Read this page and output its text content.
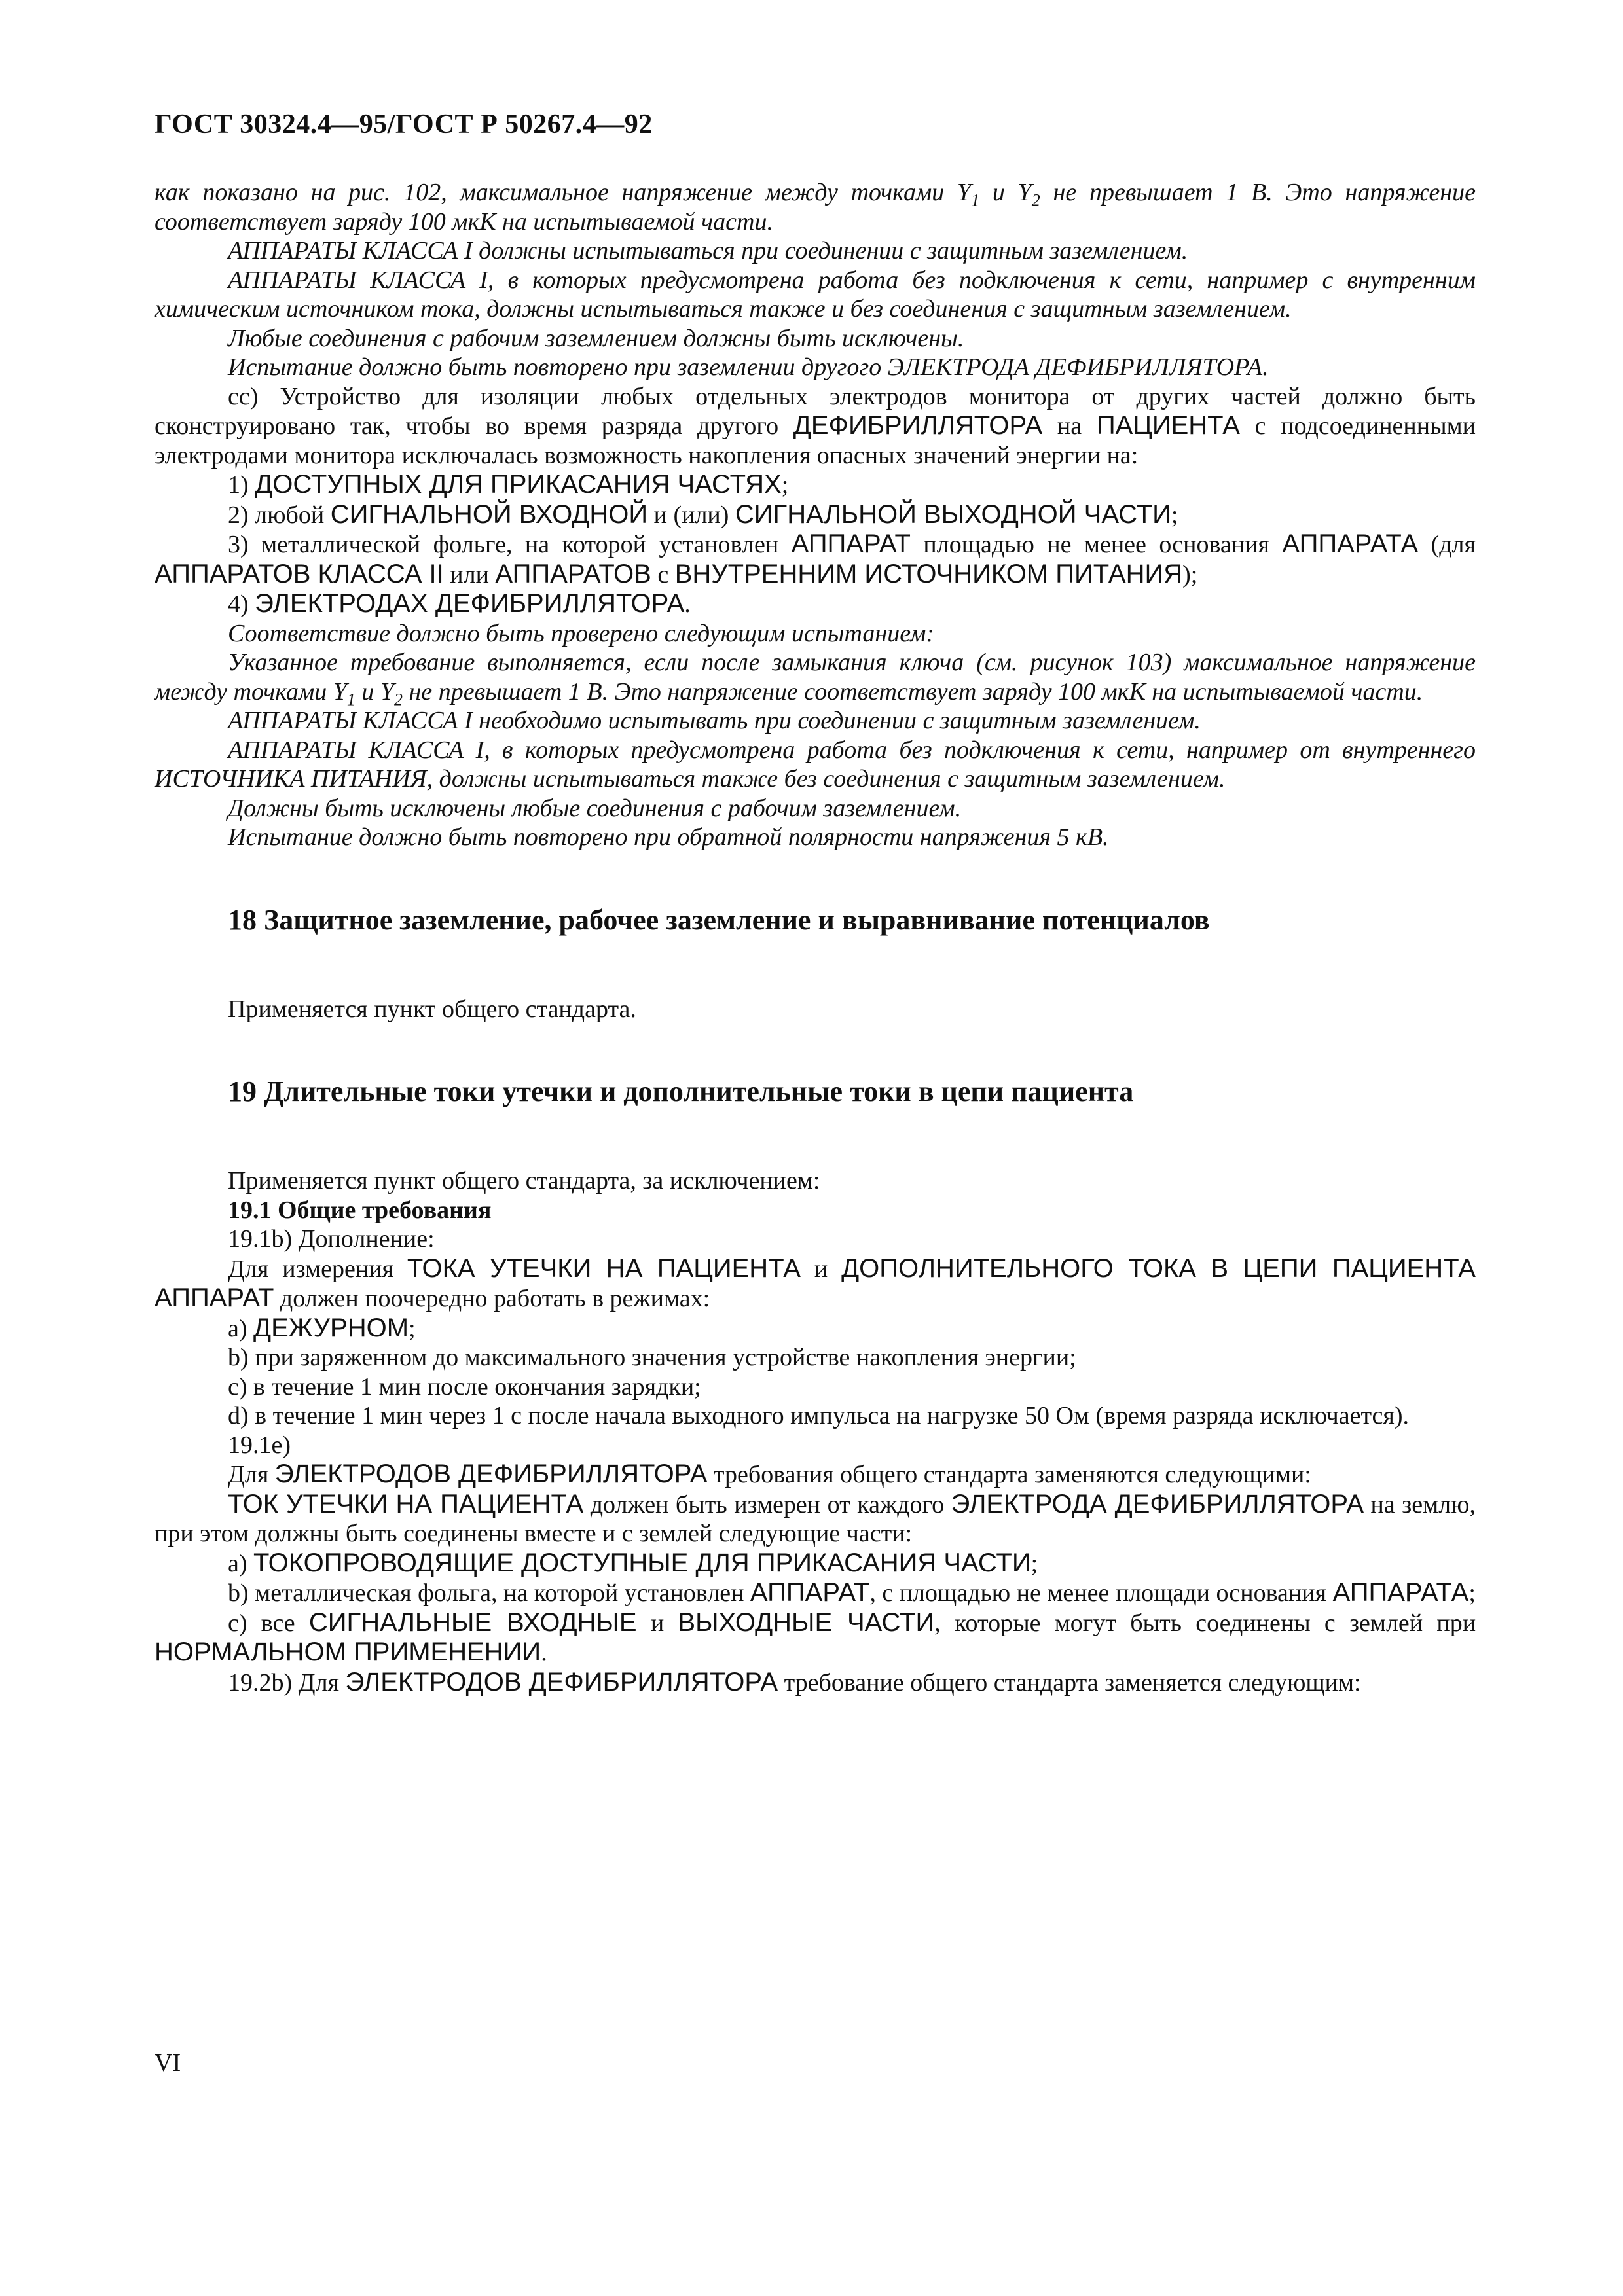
ГОСТ 30324.4—95/ГОСТ Р 50267.4—92

как показано на рис. 102, максимальное напряжение между точками $Y_1$ и $Y_2$ не превышает 1 В. Это напряжение соответствует заряду 100 мкК на испытываемой части.

АППАРАТЫ КЛАССА I должны испытываться при соединении с защитным заземлением.

АППАРАТЫ КЛАССА I, в которых предусмотрена работа без подключения к сети, например с внутренним химическим источником тока, должны испытываться также и без соединения с защитным заземлением.

Любые соединения с рабочим заземлением должны быть исключены.

Испытание должно быть повторено при заземлении другого ЭЛЕКТРОДА ДЕФИБРИЛЛЯТОРА.

сс) Устройство для изоляции любых отдельных электродов монитора от других частей должно быть сконструировано так, чтобы во время разряда другого ДЕФИБРИЛЛЯТОРА на ПАЦИЕНТА с подсоединенными электродами монитора исключалась возможность накопления опасных значений энергии на:

1) ДОСТУПНЫХ ДЛЯ ПРИКАСАНИЯ ЧАСТЯХ;

2) любой СИГНАЛЬНОЙ ВХОДНОЙ и (или) СИГНАЛЬНОЙ ВЫХОДНОЙ ЧАСТИ;

3) металлической фольге, на которой установлен АППАРАТ площадью не менее основания АППАРАТА (для АППАРАТОВ КЛАССА II или АППАРАТОВ с ВНУТРЕННИМ ИСТОЧНИКОМ ПИТАНИЯ);

4) ЭЛЕКТРОДАХ ДЕФИБРИЛЛЯТОРА.

Соответствие должно быть проверено следующим испытанием:

Указанное требование выполняется, если после замыкания ключа (см. рисунок 103) максимальное напряжение между точками $Y_1$ и $Y_2$ не превышает 1 В. Это напряжение соответствует заряду 100 мкК на испытываемой части.

АППАРАТЫ КЛАССА I необходимо испытывать при соединении с защитным заземлением.

АППАРАТЫ КЛАССА I, в которых предусмотрена работа без подключения к сети, например от внутреннего ИСТОЧНИКА ПИТАНИЯ, должны испытываться также без соединения с защитным заземлением.

Должны быть исключены любые соединения с рабочим заземлением.

Испытание должно быть повторено при обратной полярности напряжения 5 кВ.

18 Защитное заземление, рабочее заземление и выравнивание потенциалов

Применяется пункт общего стандарта.

19 Длительные токи утечки и дополнительные токи в цепи пациента

Применяется пункт общего стандарта, за исключением:

19.1 Общие требования

19.1b) Дополнение:

Для измерения ТОКА УТЕЧКИ НА ПАЦИЕНТА и ДОПОЛНИТЕЛЬНОГО ТОКА В ЦЕПИ ПАЦИЕНТА АППАРАТ должен поочередно работать в режимах:

а) ДЕЖУРНОМ;

b) при заряженном до максимального значения устройстве накопления энергии;

c) в течение 1 мин после окончания зарядки;

d) в течение 1 мин через 1 с после начала выходного импульса на нагрузке 50 Ом (время разряда исключается).

19.1е)

Для ЭЛЕКТРОДОВ ДЕФИБРИЛЛЯТОРА требования общего стандарта заменяются следующими:

ТОК УТЕЧКИ НА ПАЦИЕНТА должен быть измерен от каждого ЭЛЕКТРОДА ДЕФИБРИЛЛЯТОРА на землю, при этом должны быть соединены вместе и с землей следующие части:

а) ТОКОПРОВОДЯЩИЕ ДОСТУПНЫЕ ДЛЯ ПРИКАСАНИЯ ЧАСТИ;

b) металлическая фольга, на которой установлен АППАРАТ, с площадью не менее площади основания АППАРАТА;

c) все СИГНАЛЬНЫЕ ВХОДНЫЕ и ВЫХОДНЫЕ ЧАСТИ, которые могут быть соединены с землей при НОРМАЛЬНОМ ПРИМЕНЕНИИ.

19.2b) Для ЭЛЕКТРОДОВ ДЕФИБРИЛЛЯТОРА требование общего стандарта заменяется следующим:

VI
